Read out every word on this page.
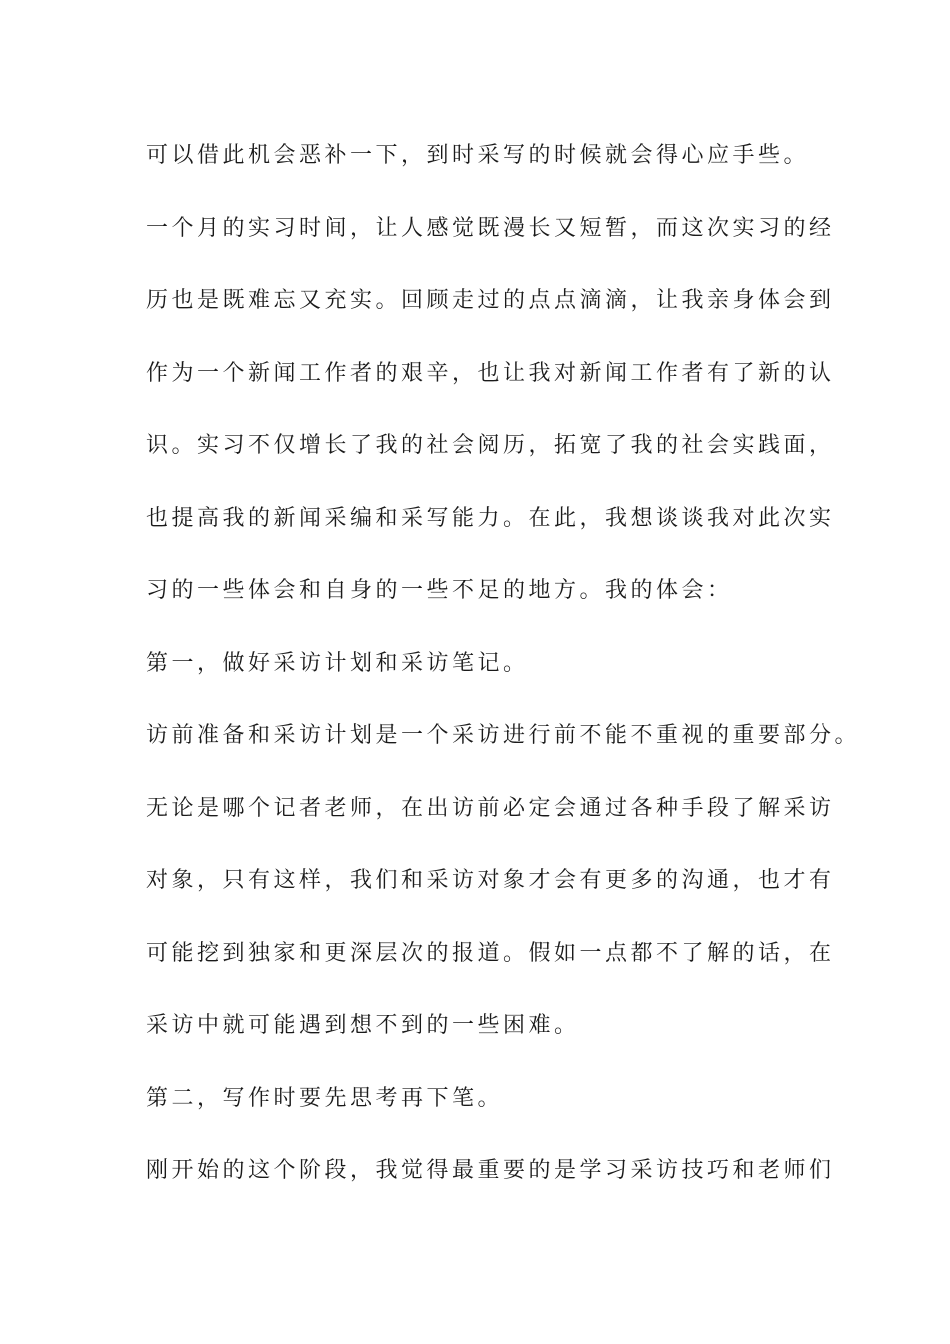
可以借此机会恶补一下，到时采写的时候就会得心应手些。
一个月的实习时间，让人感觉既漫长又短暂，而这次实习的经
历也是既难忘又充实。回顾走过的点点滴滴，让我亲身体会到
作为一个新闻工作者的艰辛，也让我对新闻工作者有了新的认
识。实习不仅增长了我的社会阅历，拓宽了我的社会实践面，
也提高我的新闻采编和采写能力。在此，我想谈谈我对此次实
习的一些体会和自身的一些不足的地方。我的体会：
第一，做好采访计划和采访笔记。
访前准备和采访计划是一个采访进行前不能不重视的重要部分。
无论是哪个记者老师，在出访前必定会通过各种手段了解采访
对象，只有这样，我们和采访对象才会有更多的沟通，也才有
可能挖到独家和更深层次的报道。假如一点都不了解的话，在
采访中就可能遇到想不到的一些困难。
第二，写作时要先思考再下笔。
刚开始的这个阶段，我觉得最重要的是学习采访技巧和老师们
